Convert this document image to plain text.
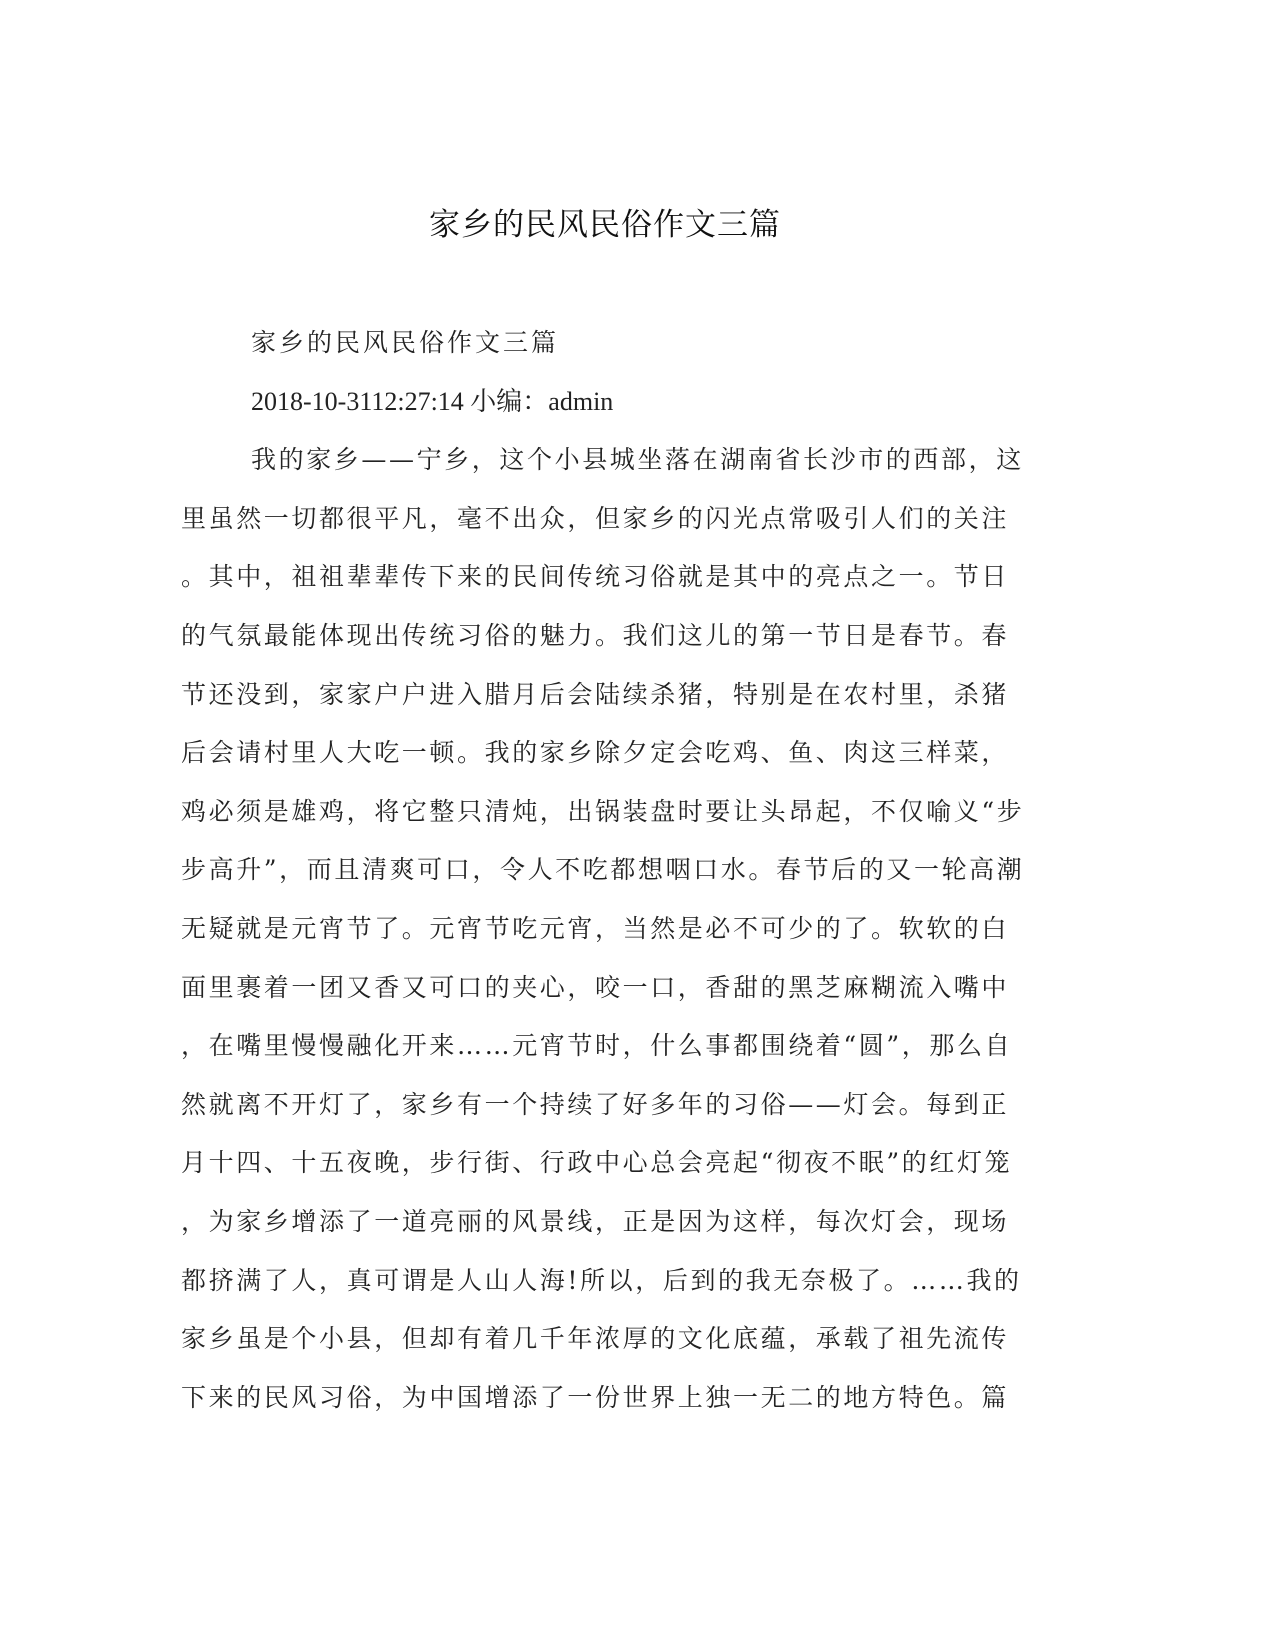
家乡的民风民俗作文三篇
家乡的民风民俗作文三篇
2018-10-3112:27:14 小编：admin
我的家乡——宁乡，这个小县城坐落在湖南省长沙市的西部，这
里虽然一切都很平凡，毫不出众，但家乡的闪光点常吸引人们的关注
。其中，祖祖辈辈传下来的民间传统习俗就是其中的亮点之一。节日
的气氛最能体现出传统习俗的魅力。我们这儿的第一节日是春节。春
节还没到，家家户户进入腊月后会陆续杀猪，特别是在农村里，杀猪
后会请村里人大吃一顿。我的家乡除夕定会吃鸡、鱼、肉这三样菜，
鸡必须是雄鸡，将它整只清炖，出锅装盘时要让头昂起，不仅喻义“步
步高升”，而且清爽可口，令人不吃都想咽口水。春节后的又一轮高潮
无疑就是元宵节了。元宵节吃元宵，当然是必不可少的了。软软的白
面里裹着一团又香又可口的夹心，咬一口，香甜的黑芝麻糊流入嘴中
，在嘴里慢慢融化开来……元宵节时，什么事都围绕着“圆”，那么自
然就离不开灯了，家乡有一个持续了好多年的习俗——灯会。每到正
月十四、十五夜晚，步行街、行政中心总会亮起“彻夜不眠”的红灯笼
，为家乡增添了一道亮丽的风景线，正是因为这样，每次灯会，现场
都挤满了人，真可谓是人山人海!所以，后到的我无奈极了。……我的
家乡虽是个小县，但却有着几千年浓厚的文化底蕴，承载了祖先流传
下来的民风习俗，为中国增添了一份世界上独一无二的地方特色。篇
